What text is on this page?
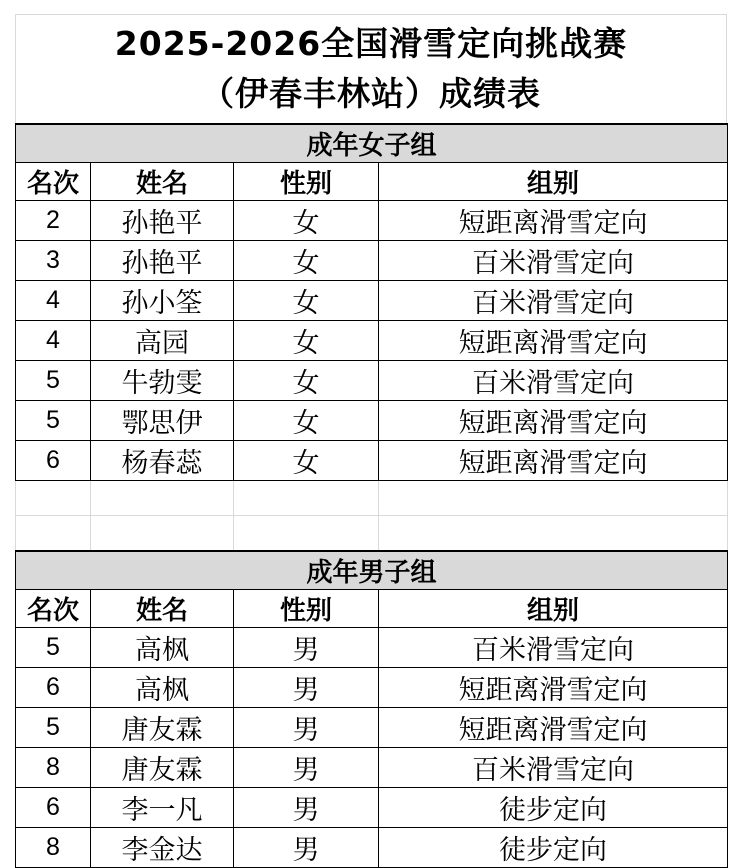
2025-2026全国滑雪定向挑战赛
（伊春丰林站）成绩表
成年女子组			
名次	姓名	性别	组别
2	孙艳平	女	短距离滑雪定向
3	孙艳平	女	百米滑雪定向
4	孙小筌	女	百米滑雪定向
4	高园	女	短距离滑雪定向
5	牛勃雯	女	百米滑雪定向
5	鄂思伊	女	短距离滑雪定向
6	杨春蕊	女	短距离滑雪定向

成年男子组			
名次	姓名	性别	组别
5	高枫	男	百米滑雪定向
6	高枫	男	短距离滑雪定向
5	唐友霖	男	短距离滑雪定向
8	唐友霖	男	百米滑雪定向
6	李一凡	男	徒步定向
8	李金达	男	徒步定向
